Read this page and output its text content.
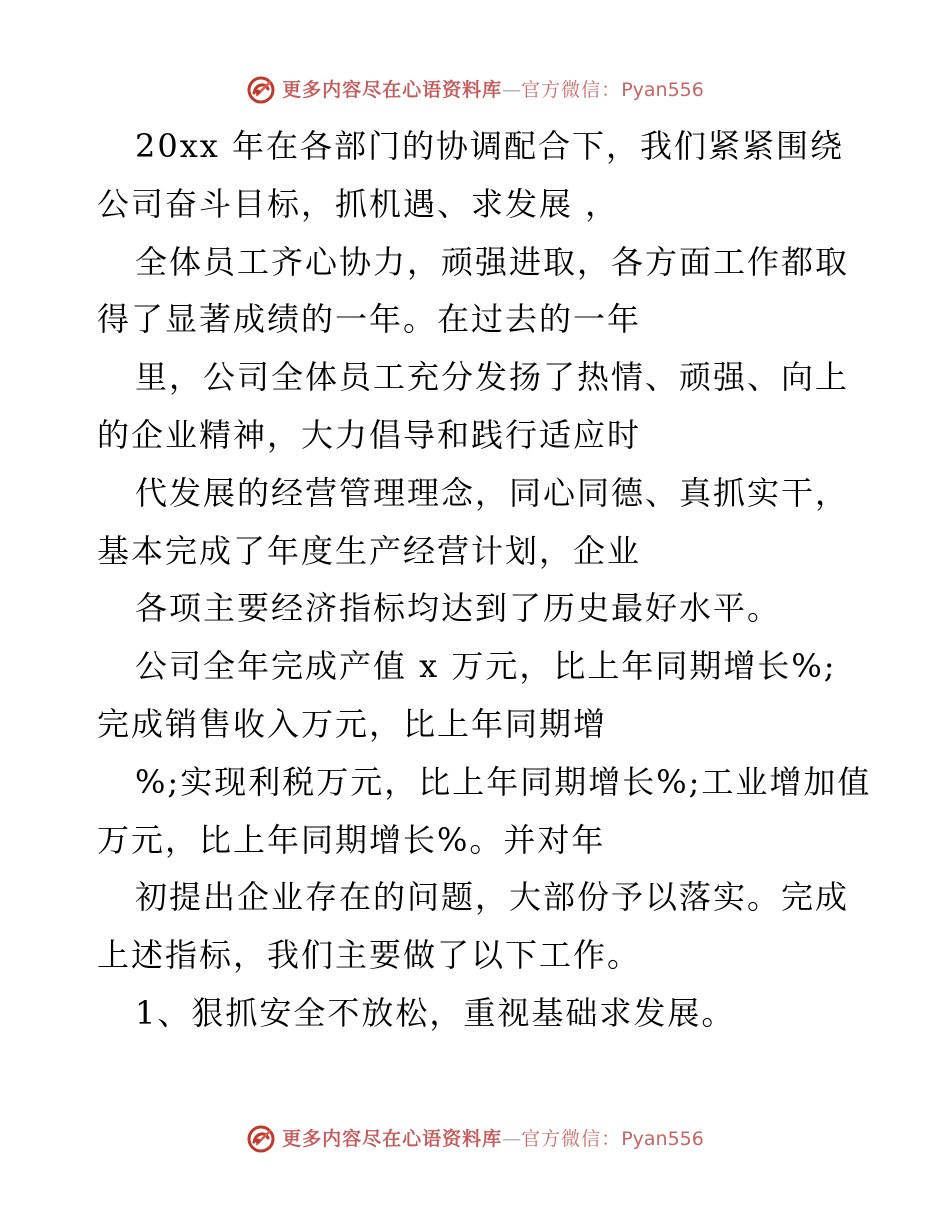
更多内容尽在心语资料库 — 官方微信： Pyan556
20xx 年在各部门的协调配合下，我们紧紧围绕
公司奋斗目标，抓机遇、求发展 ，
全体员工齐心协力，顽强进取，各方面工作都取
得了显著成绩的一年。在过去的一年
里，公司全体员工充分发扬了热情、顽强、向上
的企业精神，大力倡导和践行适应时
代发展的经营管理理念，同心同德、真抓实干，
基本完成了年度生产经营计划，企业
各项主要经济指标均达到了历史最好水平。
公司全年完成产值 x 万元，比上年同期增长%;
完成销售收入万元，比上年同期增
%;实现利税万元，比上年同期增长%;工业增加值
万元，比上年同期增长%。并对年
初提出企业存在的问题，大部份予以落实。完成
上述指标，我们主要做了以下工作。
1、狠抓安全不放松，重视基础求发展。
更多内容尽在心语资料库 — 官方微信： Pyan556
